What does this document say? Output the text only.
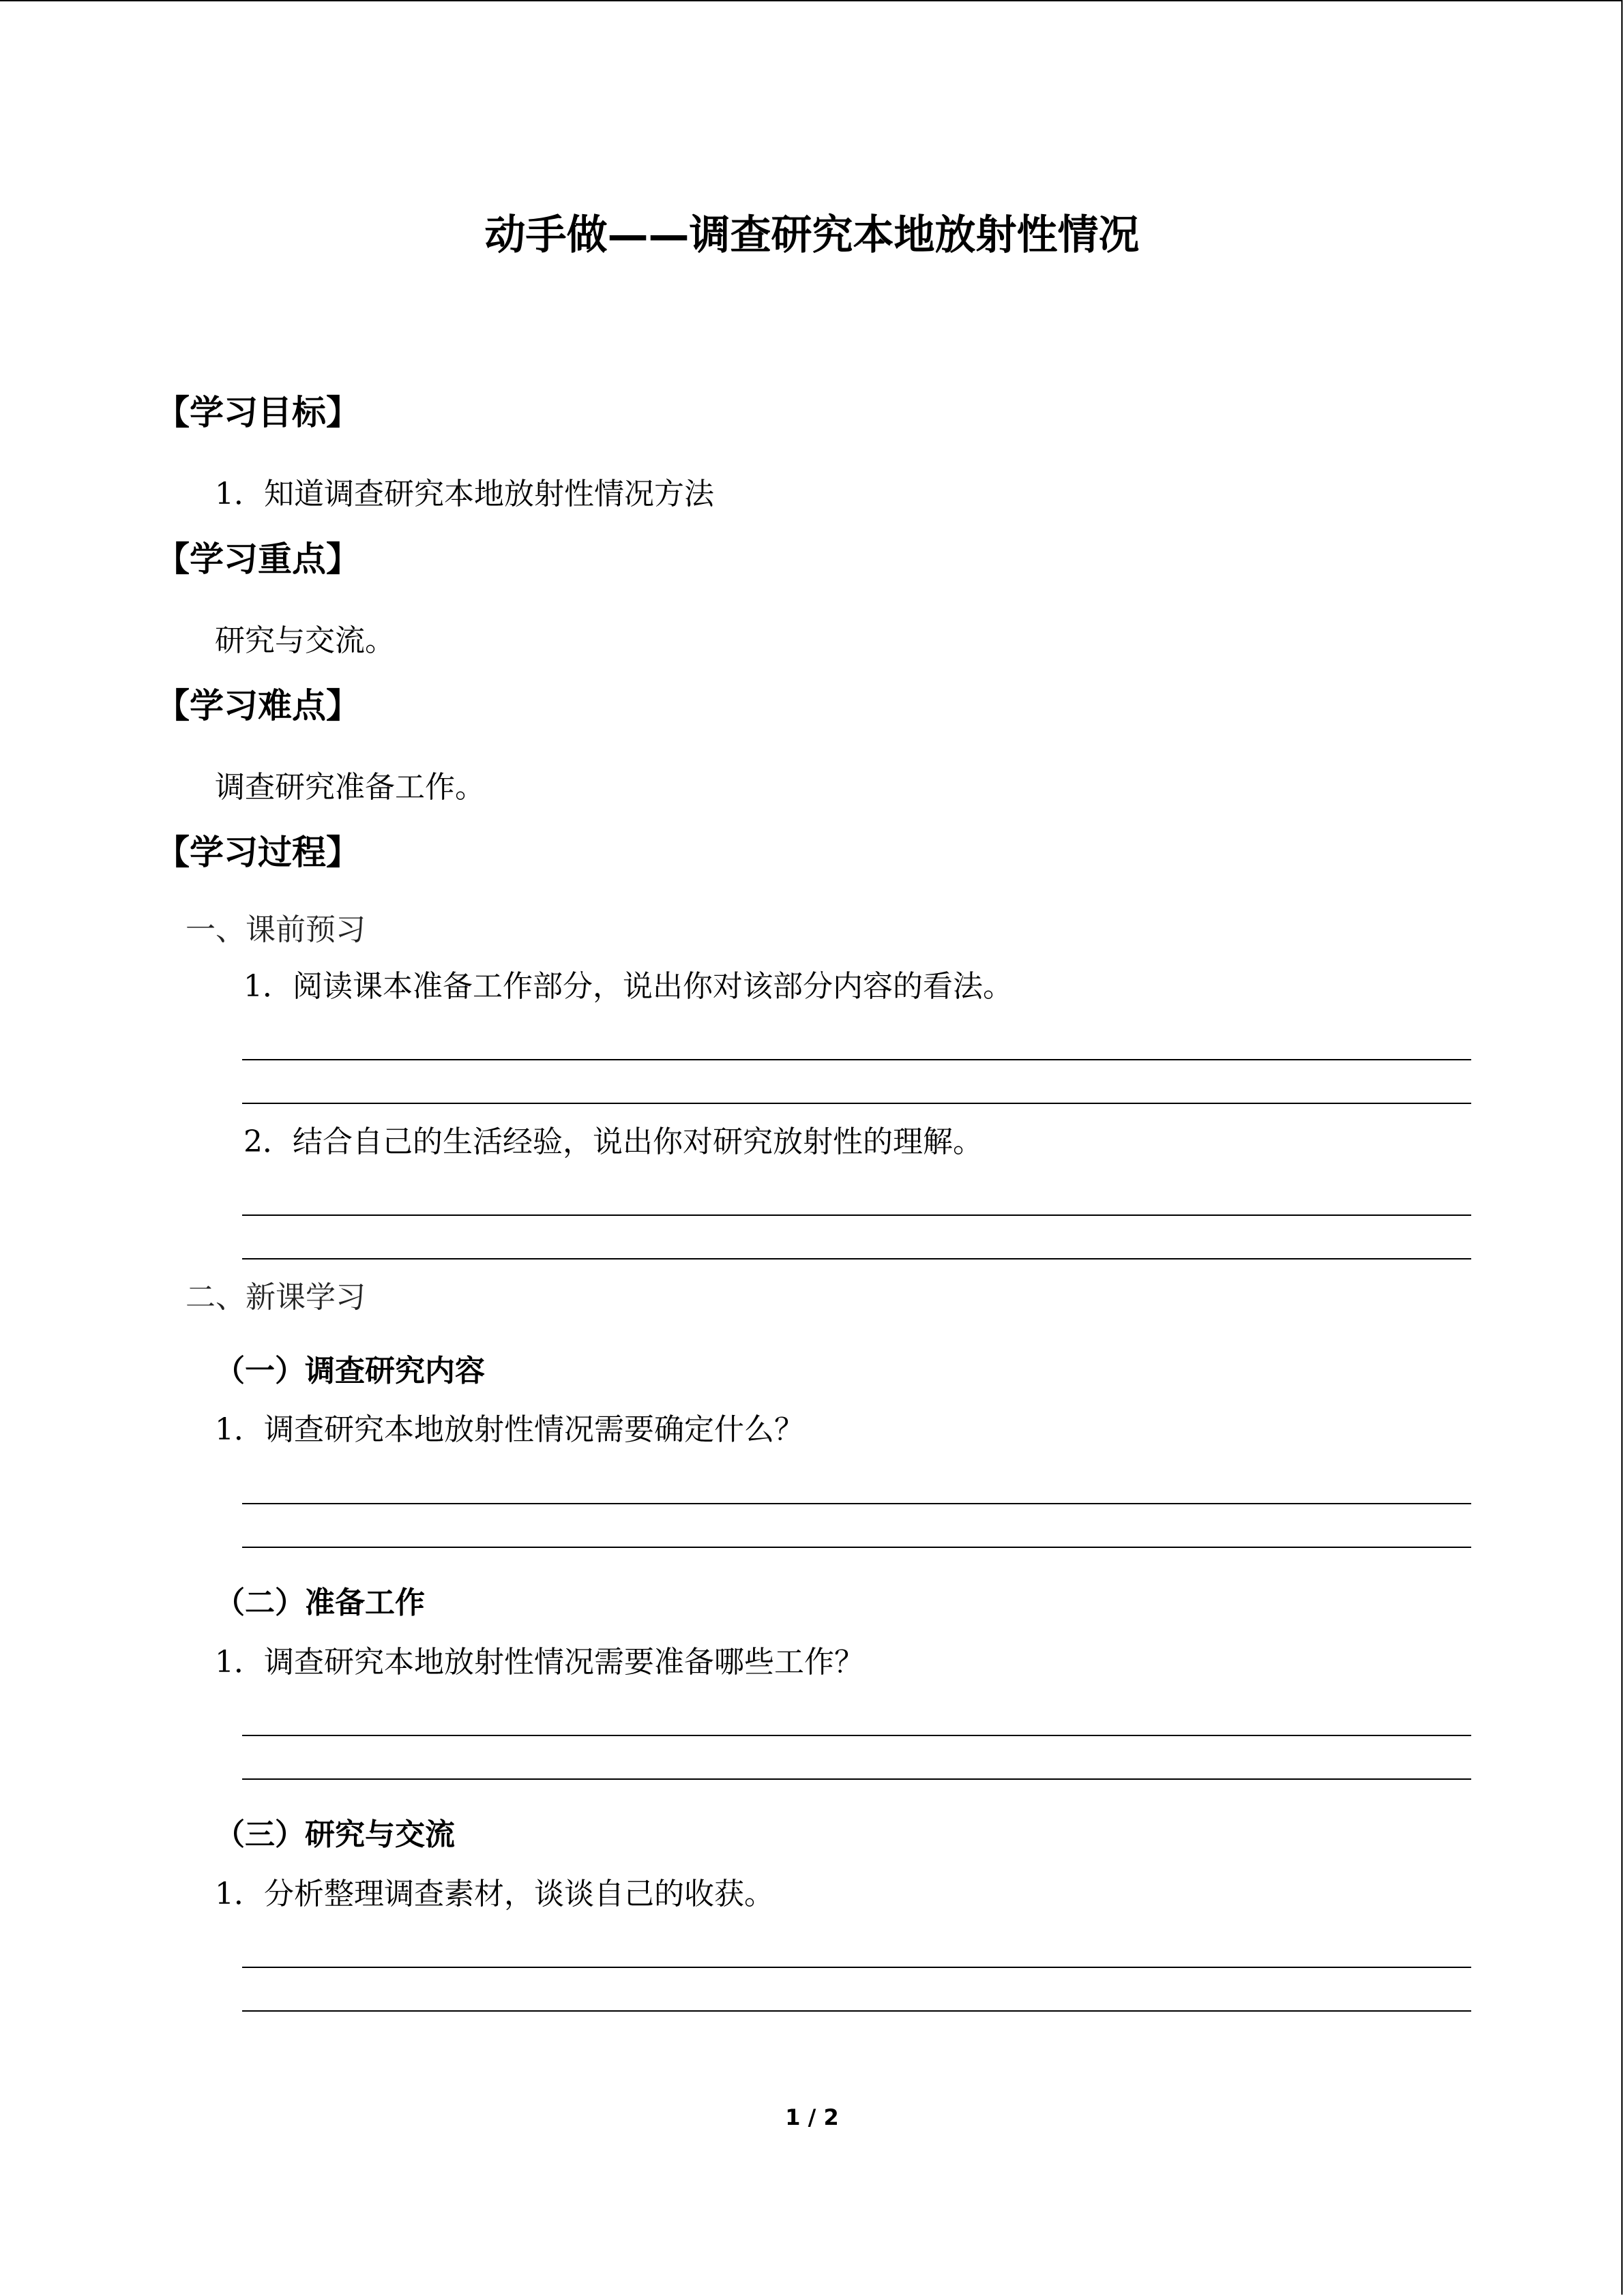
动手做——调查研究本地放射性情况
【学习目标】
1．知道调查研究本地放射性情况方法
【学习重点】
研究与交流。
【学习难点】
调查研究准备工作。
【学习过程】
一、课前预习
1．阅读课本准备工作部分，说出你对该部分内容的看法。
2．结合自己的生活经验，说出你对研究放射性的理解。
二、新课学习
（一）调查研究内容
1．调查研究本地放射性情况需要确定什么？
（二）准备工作
1．调查研究本地放射性情况需要准备哪些工作？
（三）研究与交流
1．分析整理调查素材，谈谈自己的收获。
1 / 2
